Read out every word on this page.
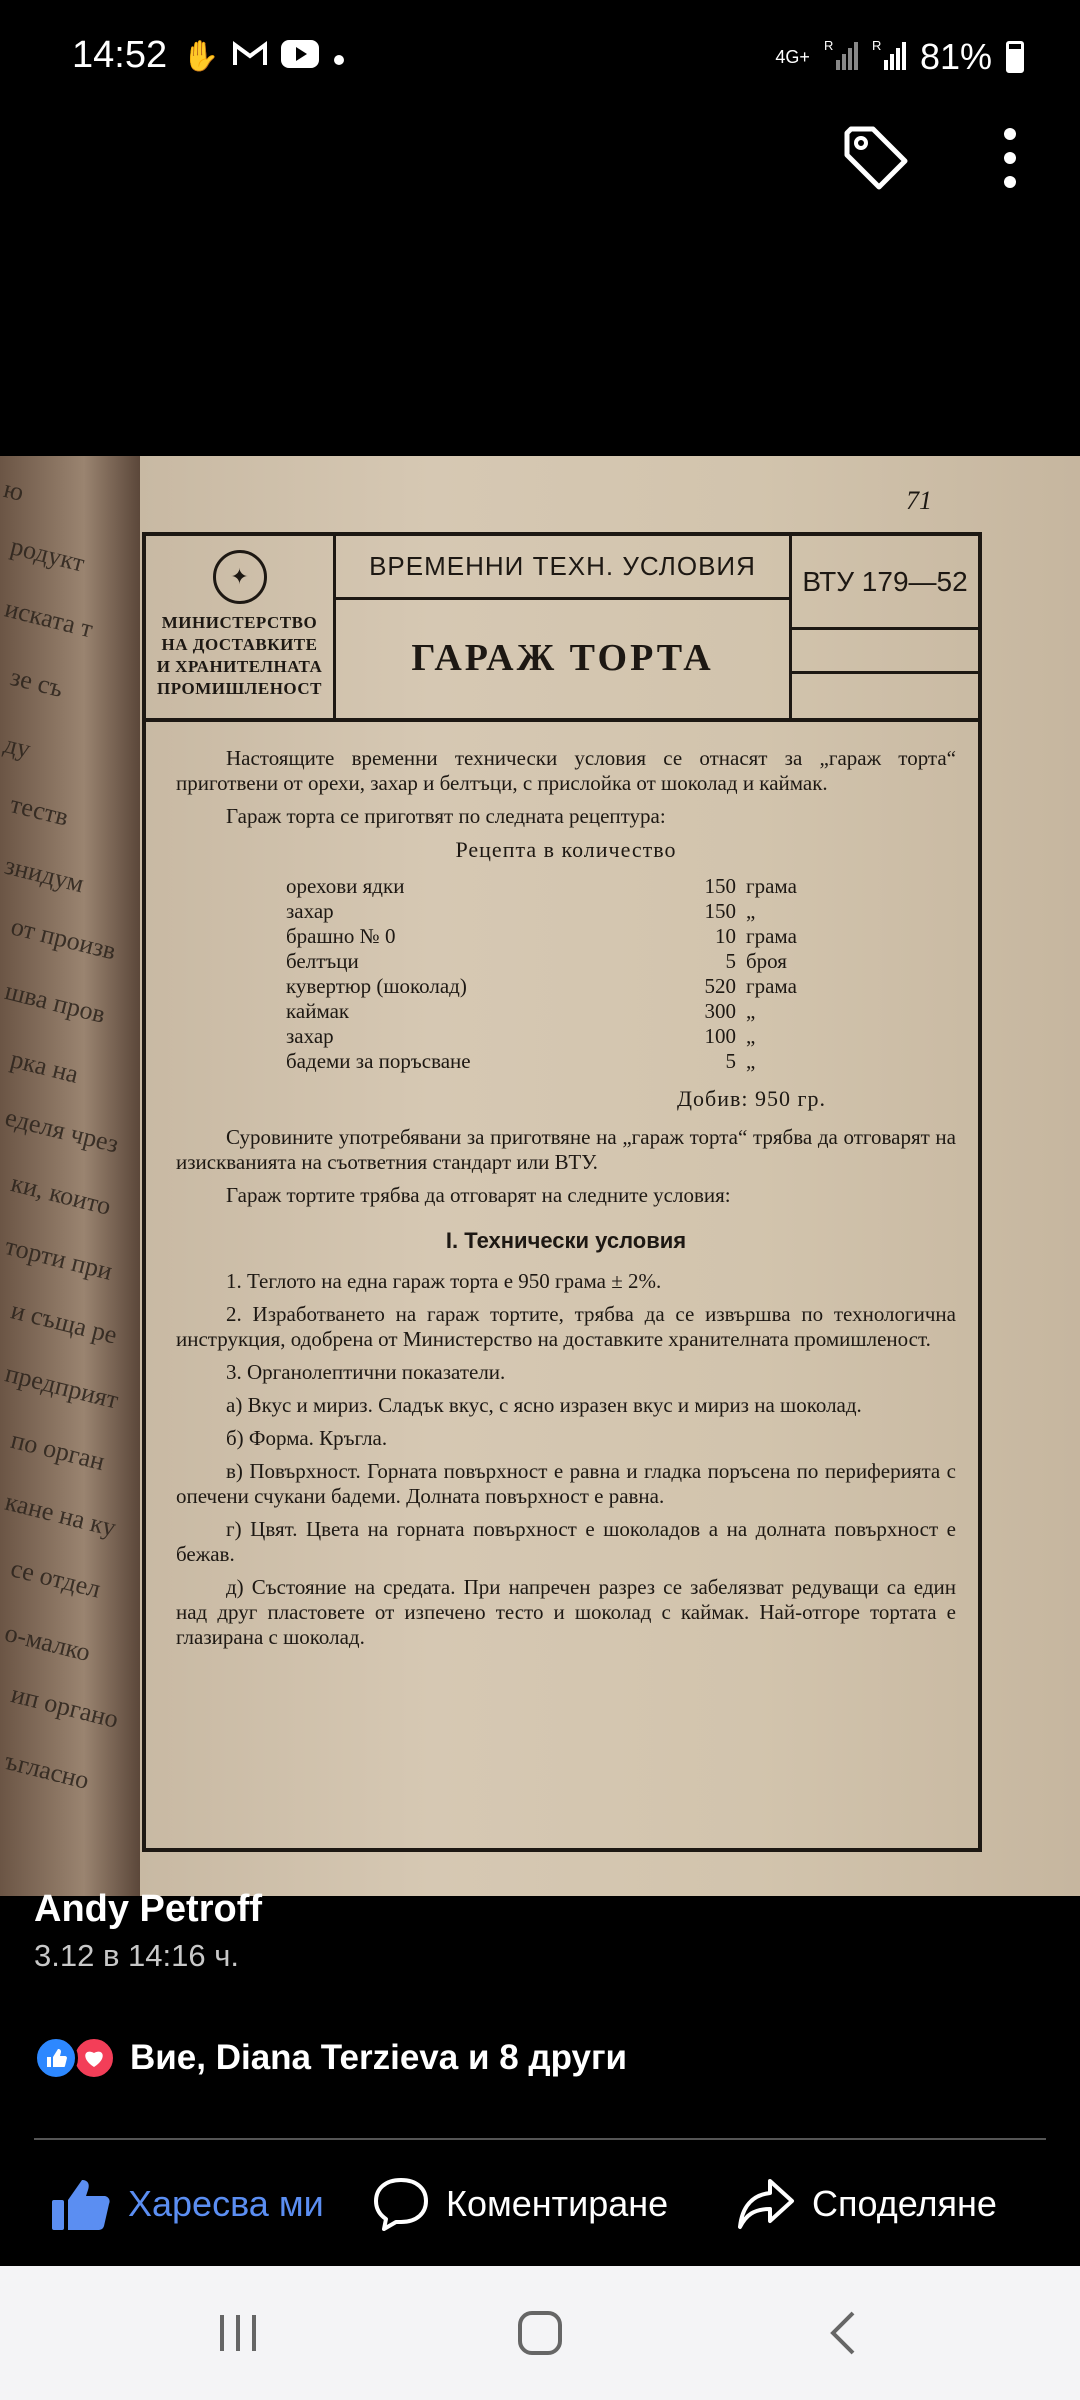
14:52 ✋	4G+
R	R 81%
ю
родукт
иската т
зе съ
ду
теств
знидум
от произв
шва пров
рка на
еделя чрез
ки, които
торти при
и съща ре
предприят
по орган
кане на ку
се отдел
о-малко
ип органо
ъгласно
71
✦
МИНИСТЕРСТВО
НА ДОСТАВКИТЕ
И ХРАНИТЕЛНАТА
ПРОМИШЛЕНОСТ
ВРЕМЕННИ ТЕХН. УСЛОВИЯ
ГАРАЖ ТОРТА
ВТУ 179—52

Настоящите временни технически условия се отнасят за „гараж торта“ приготвени от орехи, захар и белтъци, с прислойка от шоколад и каймак.

Гараж торта се приготвят по следната рецептура:

Рецепта в количество

орехови ядки	150 грама
захар	150 „
брашно № 0	10 грама
белтъци	5 броя
кувертюр (шоколад)	520 грама
каймак	300 „
захар	100 „
бадеми за поръсване	5 „

Добив: 950 гр.

Суровините употребявани за приготвяне на „гараж торта“ трябва да отговарят на изискванията на съответния стандарт или ВТУ.

Гараж тортите трябва да отговарят на следните условия:

I. Технически условия

1. Теглото на една гараж торта е 950 грама ± 2%.

2. Изработването на гараж тортите, трябва да се извършва по технологична инструкция, одобрена от Министерство на доставките хранителната промишленост.

3. Органолептични показатели.

а) Вкус и мириз. Сладък вкус, с ясно изразен вкус и мириз на шоколад.

б) Форма. Кръгла.

в) Повърхност. Горната повърхност е равна и гладка поръсена по периферията с опечени счукани бадеми. Долната повърхност е равна.

г) Цвят. Цвета на горната повърхност е шоколадов а на долната повърхност е бежав.

д) Състояние на средата. При напречен разрез се забелязват редуващи са един над друг пластовете от изпечено тесто и шоколад с каймак. Най-отгоре тортата е глазирана с шоколад.

Andy Petroff
3.12 в 14:16 ч.
Вие, Diana Terzieva и 8 други
Харесва ми	Коментиране	Споделяне
